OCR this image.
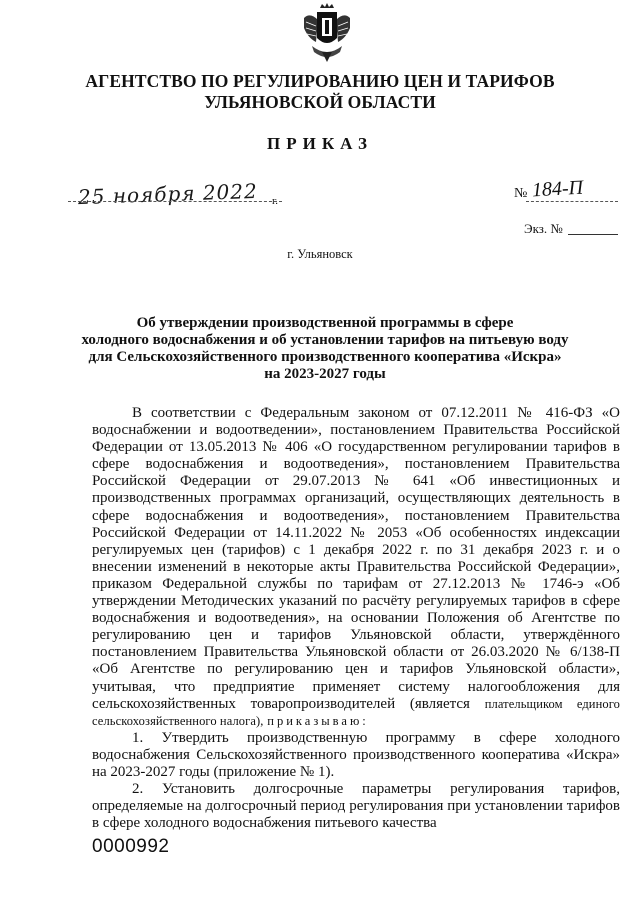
АГЕНТСТВО ПО РЕГУЛИРОВАНИЮ ЦЕН И ТАРИФОВ
УЛЬЯНОВСКОЙ ОБЛАСТИ
ПРИКАЗ
25 ноября 2022 г.	№ 184-П
Экз. №
г. Ульяновск
Об утверждении производственной программы в сфере
холодного водоснабжения и об установлении тарифов на питьевую воду
для Сельскохозяйственного производственного кооператива «Искра»
на 2023-2027 годы

В соответствии с Федеральным законом от 07.12.2011 № 416-ФЗ «О водоснабжении и водоотведении», постановлением Правительства Российской Федерации от 13.05.2013 № 406 «О государственном регулировании тарифов в сфере водоснабжения и водоотведения», постановлением Правительства Российской Федерации от 29.07.2013 № 641 «Об инвестиционных и производственных программах организаций, осуществляющих деятельность в сфере водоснабжения и водоотведения», постановлением Правительства Российской Федерации от 14.11.2022 № 2053 «Об особенностях индексации регулируемых цен (тарифов) с 1 декабря 2022 г. по 31 декабря 2023 г. и о внесении изменений в некоторые акты Правительства Российской Федерации», приказом Федеральной службы по тарифам от 27.12.2013 № 1746-э «Об утверждении Методических указаний по расчёту регулируемых тарифов в сфере водоснабжения и водоотведения», на основании Положения об Агентстве по регулированию цен и тарифов Ульяновской области, утверждённого постановлением Правительства Ульяновской области от 26.03.2020 № 6/138-П «Об Агентстве по регулированию цен и тарифов Ульяновской области», учитывая, что предприятие применяет систему налогообложения для сельскохозяйственных товаропроизводителей (является плательщиком единого сельскохозяйственного налога), приказываю:

1. Утвердить производственную программу в сфере холодного водоснабжения Сельскохозяйственного производственного кооператива «Искра» на 2023-2027 годы (приложение № 1).

2. Установить долгосрочные параметры регулирования тарифов, определяемые на долгосрочный период регулирования при установлении тарифов в сфере холодного водоснабжения питьевого качества

0000992
